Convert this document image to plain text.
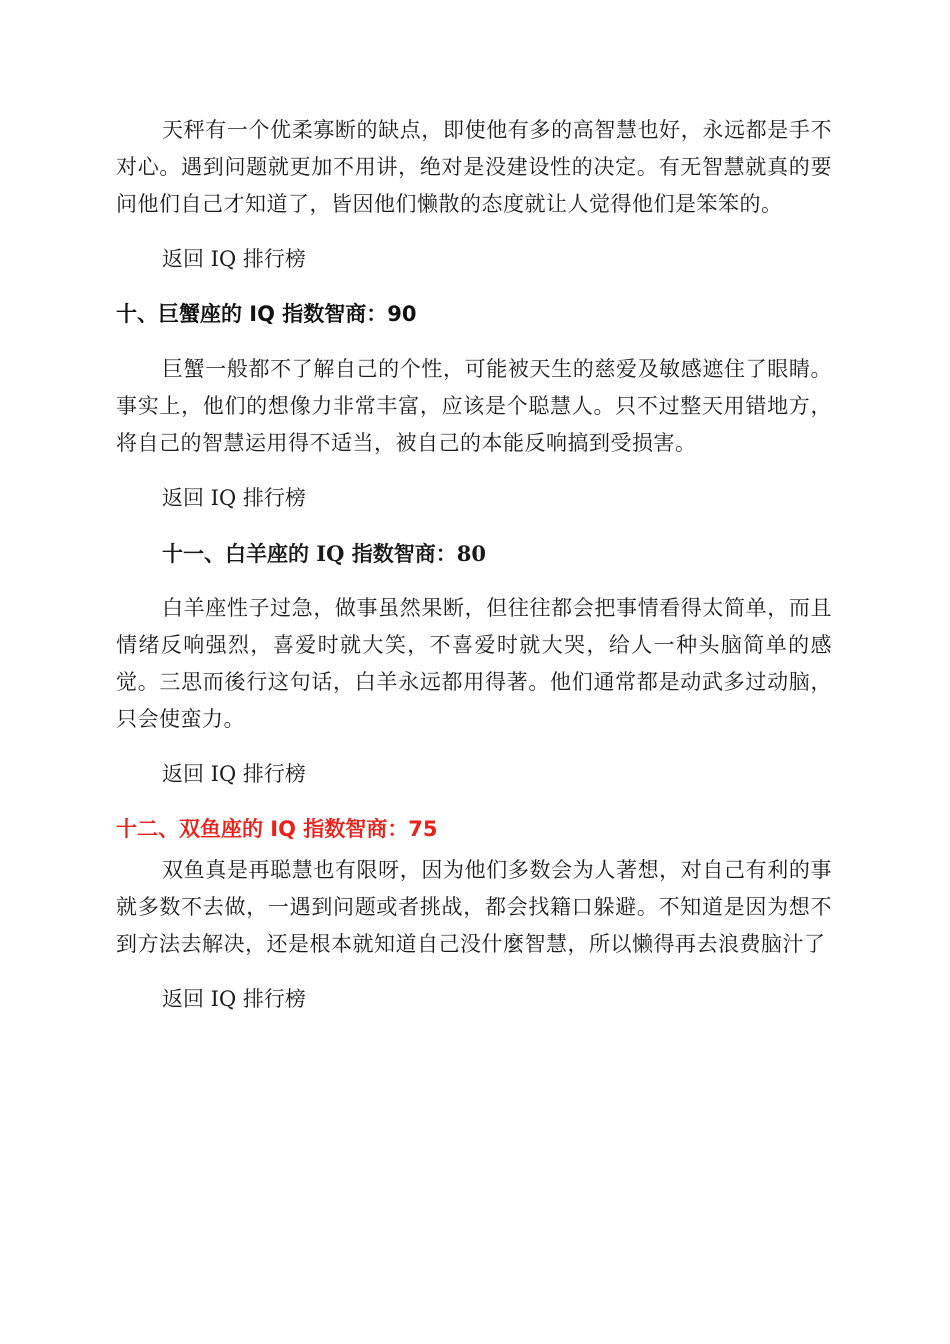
天秤有一个优柔寡断的缺点，即使他有多的高智慧也好，永远都是手不对心。遇到问题就更加不用讲，绝对是没建设性的决定。有无智慧就真的要问他们自己才知道了，皆因他们懒散的态度就让人觉得他们是笨笨的。

返回 IQ 排行榜
十、巨蟹座的 IQ 指数智商：90

巨蟹一般都不了解自己的个性，可能被天生的慈爱及敏感遮住了眼睛。事实上，他们的想像力非常丰富，应该是个聪慧人。只不过整天用错地方，将自己的智慧运用得不适当，被自己的本能反响搞到受损害。

返回 IQ 排行榜
十一、白羊座的 IQ 指数智商：80

白羊座性子过急，做事虽然果断，但往往都会把事情看得太简单，而且情绪反响强烈，喜爱时就大笑，不喜爱时就大哭，给人一种头脑简单的感觉。三思而後行这句话，白羊永远都用得著。他们通常都是动武多过动脑，只会使蛮力。

返回 IQ 排行榜
十二、双鱼座的 IQ 指数智商：75

双鱼真是再聪慧也有限呀，因为他们多数会为人著想，对自己有利的事就多数不去做，一遇到问题或者挑战，都会找籍口躲避。不知道是因为想不到方法去解决，还是根本就知道自己没什麼智慧，所以懒得再去浪费脑汁了

返回 IQ 排行榜
